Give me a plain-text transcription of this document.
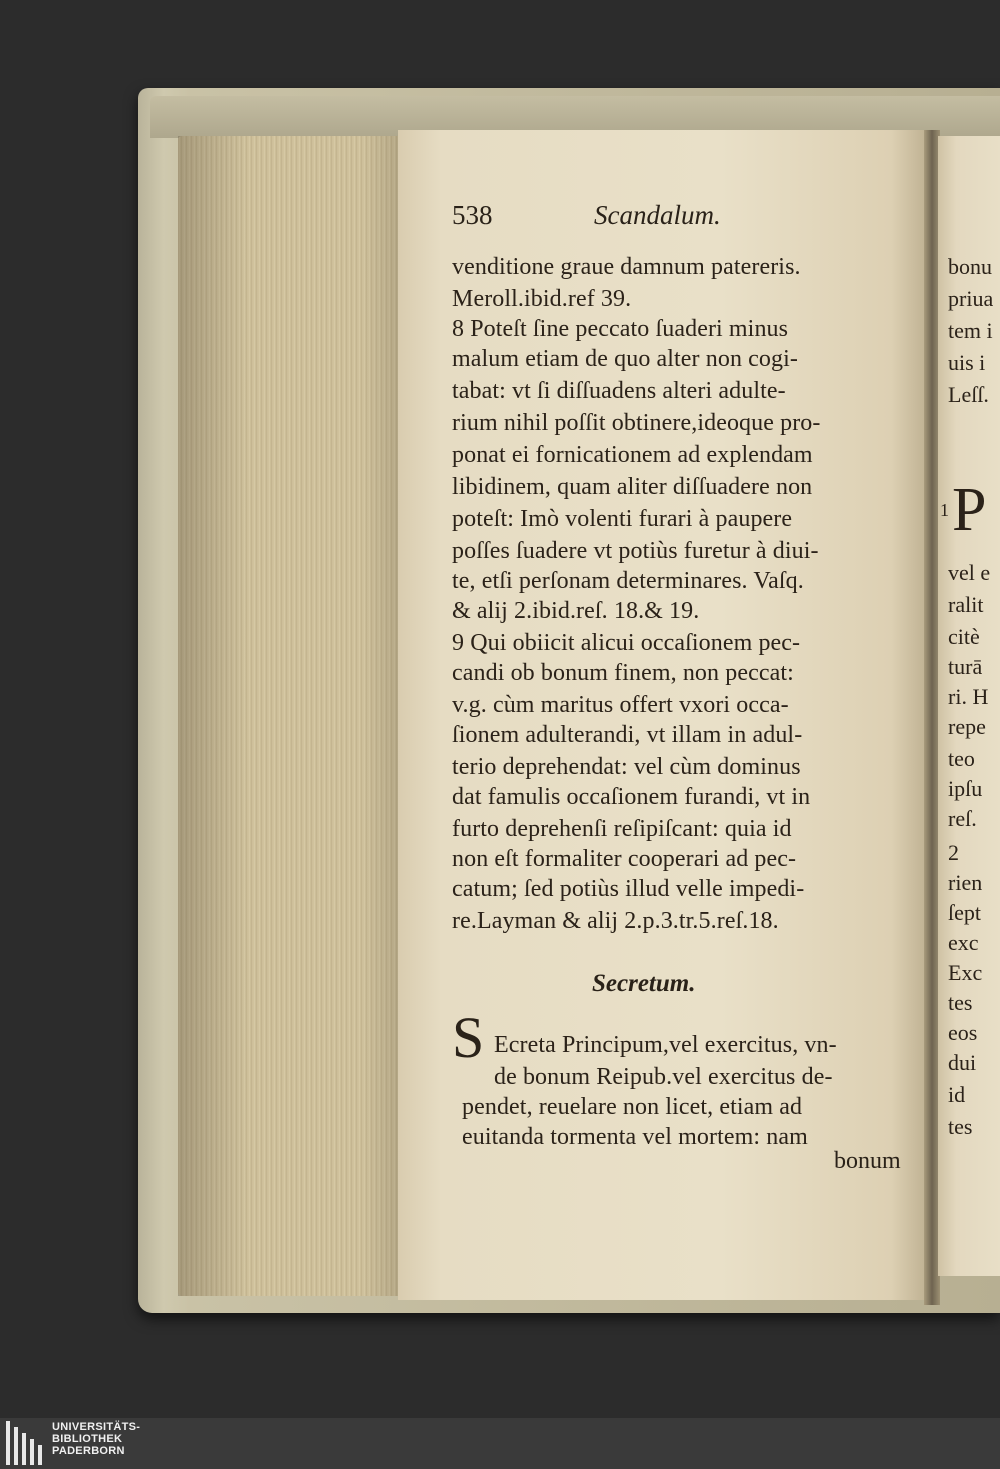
538	Scandalum.
venditione graue damnum patereris.
Meroll.ibid.ref 39.
8 Poteſt ſine peccato ſuaderi minus
malum etiam de quo alter non cogi-
tabat: vt ſi diſſuadens alteri adulte-
rium nihil poſſit obtinere,ideoque pro-
ponat ei fornicationem ad explendam
libidinem, quam aliter diſſuadere non
poteſt: Imò volenti furari à paupere
poſſes ſuadere vt potiùs furetur à diui-
te, etſi perſonam determinares. Vaſq.
& alij 2.ibid.reſ. 18.& 19.
9 Qui obiicit alicui occaſionem pec-
candi ob bonum finem, non peccat:
v.g. cùm maritus offert vxori occa-
ſionem adulterandi, vt illam in adul-
terio deprehendat: vel cùm dominus
dat famulis occaſionem furandi, vt in
furto deprehenſi reſipiſcant: quia id
non eſt formaliter cooperari ad pec-
catum; ſed potiùs illud velle impedi-
re.Layman & alij 2.p.3.tr.5.reſ.18.
Secretum.
S Ecreta Principum,vel exercitus, vn-
de bonum Reipub.vel exercitus de-
pendet, reuelare non licet, etiam ad
euitanda tormenta vel mortem: nam
bonum
bonu
priua
tem i
uis i
Leſſ.
1 P
vel e
ralit
citè
turā
ri. H
repe
teo
ipſu
reſ.
2
rien
ſept
exc
Exc
tes
eos
dui
id
tes
UNIVERSITÄTS-
BIBLIOTHEK
PADERBORN
